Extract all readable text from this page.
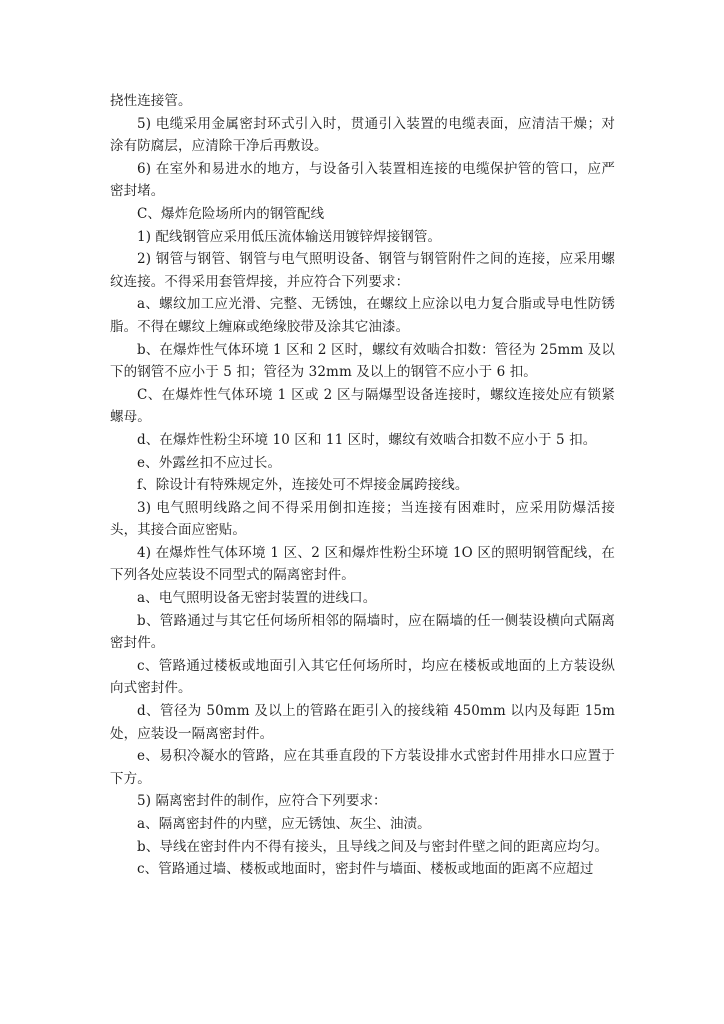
挠性连接管。

5) 电缆采用金属密封环式引入时，贯通引入装置的电缆表面，应清洁干燥；对涂有防腐层，应清除干净后再敷设。

6) 在室外和易进水的地方，与设备引入装置相连接的电缆保护管的管口，应严密封堵。

C、爆炸危险场所内的钢管配线

1) 配线钢管应采用低压流体输送用镀锌焊接钢管。

2) 钢管与钢管、钢管与电气照明设备、钢管与钢管附件之间的连接，应采用螺纹连接。不得采用套管焊接，并应符合下列要求：

a、螺纹加工应光滑、完整、无锈蚀，在螺纹上应涂以电力复合脂或导电性防锈脂。不得在螺纹上缠麻或绝缘胶带及涂其它油漆。

b、在爆炸性气体环境 1 区和 2 区时，螺纹有效啮合扣数：管径为 25mm 及以下的钢管不应小于 5 扣；管径为 32mm 及以上的钢管不应小于 6 扣。

C、在爆炸性气体环境 1 区或 2 区与隔爆型设备连接时，螺纹连接处应有锁紧螺母。

d、在爆炸性粉尘环境 10 区和 11 区时，螺纹有效啮合扣数不应小于 5 扣。

e、外露丝扣不应过长。

f、除设计有特殊规定外，连接处可不焊接金属跨接线。

3) 电气照明线路之间不得采用倒扣连接；当连接有困难时，应采用防爆活接头，其接合面应密贴。

4) 在爆炸性气体环境 1 区、2 区和爆炸性粉尘环境 1O 区的照明钢管配线，在下列各处应装设不同型式的隔离密封件。

a、电气照明设备无密封装置的进线口。

b、管路通过与其它任何场所相邻的隔墙时，应在隔墙的任一侧装设横向式隔离密封件。

c、管路通过楼板或地面引入其它任何场所时，均应在楼板或地面的上方装设纵向式密封件。

d、管径为 50mm 及以上的管路在距引入的接线箱 450mm 以内及每距 15m 处，应装设一隔离密封件。

e、易积冷凝水的管路，应在其垂直段的下方装设排水式密封件用排水口应置于下方。

5) 隔离密封件的制作，应符合下列要求：

a、隔离密封件的内壁，应无锈蚀、灰尘、油渍。

b、导线在密封件内不得有接头，且导线之间及与密封件壁之间的距离应均匀。

c、管路通过墙、楼板或地面时，密封件与墙面、楼板或地面的距离不应超过
